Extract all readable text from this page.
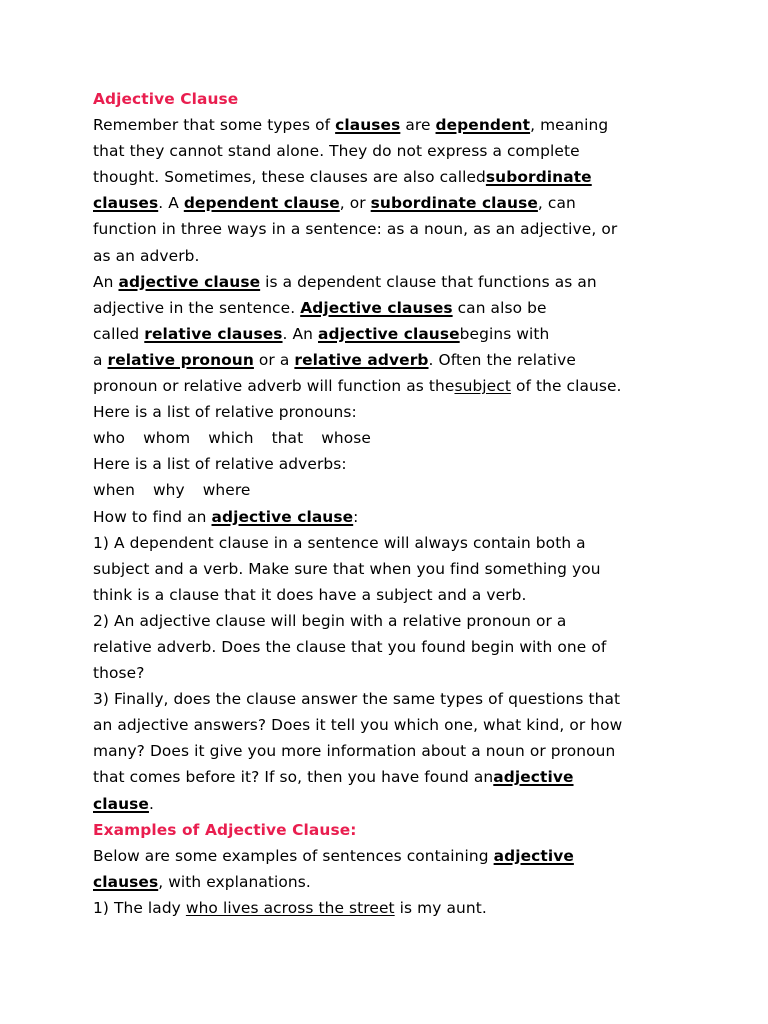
Adjective Clause
Remember that some types of clauses are dependent, meaning
that they cannot stand alone. They do not express a complete
thought. Sometimes, these clauses are also calledsubordinate
clauses. A dependent clause, or subordinate clause, can
function in three ways in a sentence: as a noun, as an adjective, or
as an adverb.
An adjective clause is a dependent clause that functions as an
adjective in the sentence. Adjective clauses can also be
called relative clauses. An adjective clausebegins with
a relative pronoun or a relative adverb. Often the relative
pronoun or relative adverb will function as thesubject of the clause.
Here is a list of relative pronouns:
who whom which that whose
Here is a list of relative adverbs:
when why where
How to find an adjective clause:
1) A dependent clause in a sentence will always contain both a
subject and a verb. Make sure that when you find something you
think is a clause that it does have a subject and a verb.
2) An adjective clause will begin with a relative pronoun or a
relative adverb. Does the clause that you found begin with one of
those?
3) Finally, does the clause answer the same types of questions that
an adjective answers? Does it tell you which one, what kind, or how
many? Does it give you more information about a noun or pronoun
that comes before it? If so, then you have found anadjective
clause.
Examples of Adjective Clause:
Below are some examples of sentences containing adjective
clauses, with explanations.
1) The lady who lives across the street is my aunt.
